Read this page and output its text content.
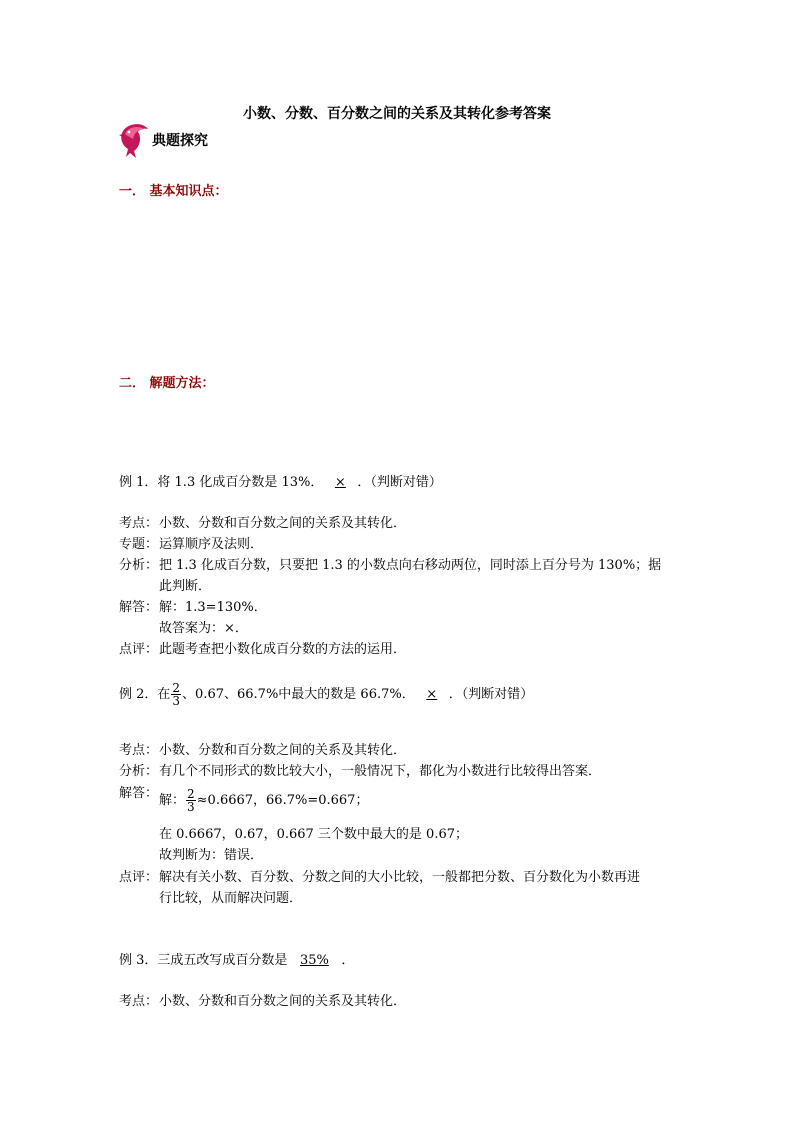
小数、分数、百分数之间的关系及其转化参考答案
典题探究
一． 基本知识点：
二． 解题方法：
例 1．将 1.3 化成百分数是 13%．×．（判断对错）
考点：小数、分数和百分数之间的关系及其转化．
专题：运算顺序及法则．
分析：把 1.3 化成百分数，只要把 1.3 的小数点向右移动两位，同时添上百分号为 130%；据
此判断．
解答：解：1.3=130%．
故答案为：×．
点评：此题考查把小数化成百分数的方法的运用．
例 2．在 $\frac{2}{3}$ 、0.67、66.7%中最大的数是 66.7%．×．（判断对错）
考点：小数、分数和百分数之间的关系及其转化．
分析：有几个不同形式的数比较大小，一般情况下，都化为小数进行比较得出答案．
解答： 解： $\frac{2}{3} \approx 0.6667$，66.7%=0.667；
在 0.6667，0.67，0.667 三个数中最大的是 0.67；
故判断为：错误．
点评：解决有关小数、百分数、分数之间的大小比较，一般都把分数、百分数化为小数再进
行比较，从而解决问题．
例 3．三成五改写成百分数是35%．
考点：小数、分数和百分数之间的关系及其转化．
